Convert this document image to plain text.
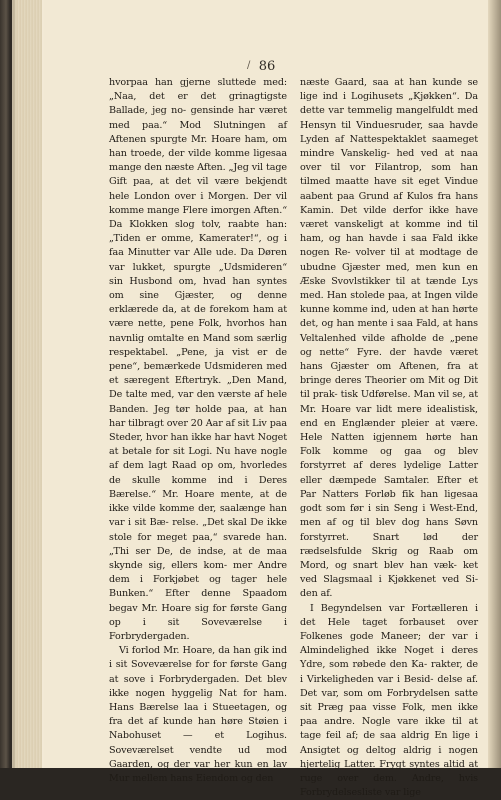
86
/

hvorpaa han gjerne sluttede med: „Naa, det er det grinagtigste Ballade, jeg no- gensinde har været med paa.“ Mod Slutningen af Aftenen spurgte Mr. Hoare ham, om han troede, der vilde komme ligesaa mange den næste Aften. „Jeg vil tage Gift paa, at det vil være bekjendt hele London over i Morgen. Der vil komme mange Flere imorgen Aften.“ Da Klokken slog tolv, raabte han: „Tiden er omme, Kamerater!“, og i faa Minutter var Alle ude. Da Døren var lukket, spurgte „Udsmideren“ sin Husbond om, hvad han syntes om sine Gjæster, og denne erklærede da, at de forekom ham at være nette, pene Folk, hvorhos han navnlig omtalte en Mand som særlig respektabel. „Pene, ja vist er de pene“, bemærkede Udsmideren med et særegent Eftertryk. „Den Mand, De talte med, var den værste af hele Banden. Jeg tør holde paa, at han har tilbragt over 20 Aar af sit Liv paa Steder, hvor han ikke har havt Noget at betale for sit Logi. Nu have nogle af dem lagt Raad op om, hvorledes de skulle komme ind i Deres Bærelse.“ Mr. Hoare mente, at de ikke vilde komme der, saalænge han var i sit Bæ- relse. „Det skal De ikke stole for meget paa,“ svarede han. „Thi ser De, de indse, at de maa skynde sig, ellers kom- mer Andre dem i Forkjøbet og tager hele Bunken.“ Efter denne Spaadom begav Mr. Hoare sig for første Gang op i sit Soveværelse i Forbrydergaden.

Vi forlod Mr. Hoare, da han gik ind i sit Soveværelse for for første Gang at sove i Forbrydergaden. Det blev ikke nogen hyggelig Nat for ham. Hans Bærelse laa i Stueetagen, og fra det af kunde han høre Støien i Nabohuset — et Logihus. Soveværelset vendte ud mod Gaarden, og der var her kun en lav Mur mellem hans Eiendom og den

næste Gaard, saa at han kunde se lige ind i Logihusets „Kjøkken“. Da dette var temmelig mangelfuldt med Hensyn til Vinduesruder, saa havde Lyden af Nattespektaklet saameget mindre Vanskelig- hed ved at naa over til vor Filantrop, som han tilmed maatte have sit eget Vindue aabent paa Grund af Kulos fra hans Kamin. Det vilde derfor ikke have været vanskeligt at komme ind til ham, og han havde i saa Fald ikke nogen Re- volver til at modtage de ubudne Gjæster med, men kun en Æske Svovlstikker til at tænde Lys med. Han stolede paa, at Ingen vilde kunne komme ind, uden at han hørte det, og han mente i saa Fald, at hans Veltalenhed vilde afholde de „pene og nette“ Fyre. der havde været hans Gjæster om Aftenen, fra at bringe deres Theorier om Mit og Dit til prak- tisk Udførelse. Man vil se, at Mr. Hoare var lidt mere idealistisk, end en Englænder pleier at være. Hele Natten igjennem hørte han Folk komme og gaa og blev forstyrret af deres lydelige Latter eller dæmpede Samtaler. Efter et Par Natters Forløb fik han ligesaa godt som før i sin Seng i West-End, men af og til blev dog hans Søvn forstyrret. Snart lød der rædselsfulde Skrig og Raab om Mord, og snart blev han væk- ket ved Slagsmaal i Kjøkkenet ved Si- den af.

I Begyndelsen var Fortælleren i det Hele taget forbauset over Folkenes gode Maneer; der var i Almindelighed ikke Noget i deres Ydre, som røbede den Ka- rakter, de i Virkeligheden var i Besid- delse af. Det var, som om Forbrydelsen satte sit Præg paa visse Folk, men ikke paa andre. Nogle vare ikke til at tage feil af; de saa aldrig En lige i Ansigtet og deltog aldrig i nogen hjertelig Latter. Frygt syntes altid at ruge over dem. Andre, hvis Forbrydelsesliste var lige
